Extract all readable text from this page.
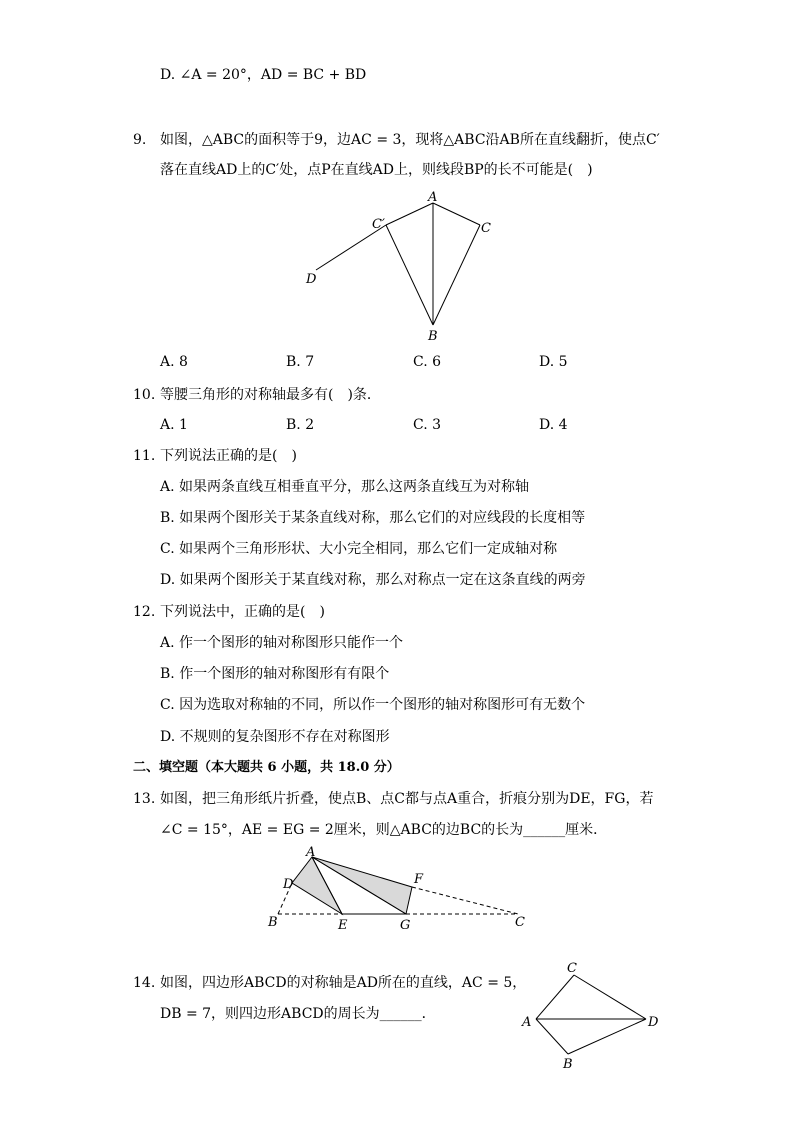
D. ∠A = 20°，AD = BC + BD
9. 如图，△ABC的面积等于9，边AC = 3，现将△ABC沿AB所在直线翻折，使点C′
落在直线AD上的C′处，点P在直线AD上，则线段BP的长不可能是(　)
A
C′	C
D
B
A. 8	B. 7	C. 6	D. 5
10. 等腰三角形的对称轴最多有(　)条．
A. 1	B. 2	C. 3	D. 4
11. 下列说法正确的是(　)
A. 如果两条直线互相垂直平分，那么这两条直线互为对称轴
B. 如果两个图形关于某条直线对称，那么它们的对应线段的长度相等
C. 如果两个三角形形状、大小完全相同，那么它们一定成轴对称
D. 如果两个图形关于某直线对称，那么对称点一定在这条直线的两旁
12. 下列说法中，正确的是(　)
A. 作一个图形的轴对称图形只能作一个
B. 作一个图形的轴对称图形有有限个
C. 因为选取对称轴的不同，所以作一个图形的轴对称图形可有无数个
D. 不规则的复杂图形不存在对称图形
二、填空题（本大题共 6 小题，共 18.0 分）
13. 如图，把三角形纸片折叠，使点B、点C都与点A重合，折痕分别为DE，FG，若
∠C = 15°，AE = EG = 2厘米，则△ABC的边BC的长为______厘米．
A
D	F
B	E	G	C
14. 如图，四边形ABCD的对称轴是AD所在的直线，AC = 5，
DB = 7，则四边形ABCD的周长为______．
C
A	D
B
